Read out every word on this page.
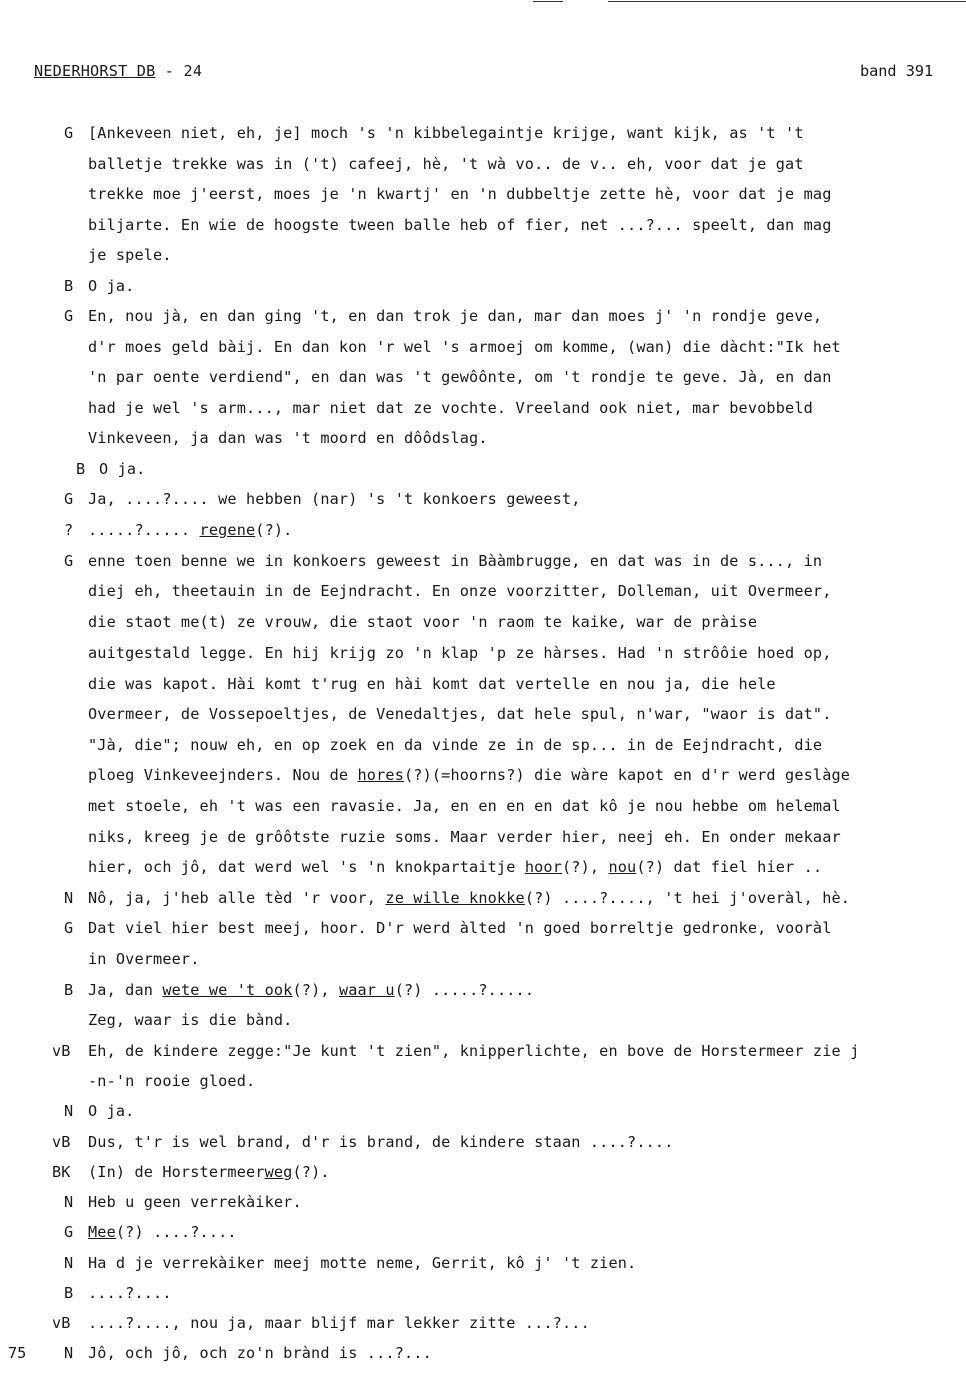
NEDERHORST DB - 24	band 391
G [Ankeveen niet, eh, je] moch 's 'n kibbelegaintje krijge, want kijk, as 't 't
balletje trekke was in ('t) cafeej, hè, 't wà vo.. de v.. eh, voor dat je gat
trekke moe j'eerst, moes je 'n kwartj' en 'n dubbeltje zette hè, voor dat je mag
biljarte. En wie de hoogste tween balle heb of fier, net ...?... speelt, dan mag
je spele.
B O ja.
G En, nou jà, en dan ging 't, en dan trok je dan, mar dan moes j' 'n rondje geve,
d'r moes geld bàij. En dan kon 'r wel 's armoej om komme, (wan) die dàcht:"Ik het
'n par oente verdiend", en dan was 't gewôônte, om 't rondje te geve. Jà, en dan
had je wel 's arm..., mar niet dat ze vochte. Vreeland ook niet, mar bevobbeld
Vinkeveen, ja dan was 't moord en dôôdslag.
B O ja.
G Ja, ....?.... we hebben (nar) 's 't konkoers geweest,
? .....?..... regene(?).
G enne toen benne we in konkoers geweest in Bààmbrugge, en dat was in de s..., in
diej eh, theetauin in de Eejndracht. En onze voorzitter, Dolleman, uit Overmeer,
die staot me(t) ze vrouw, die staot voor 'n raom te kaike, war de pràise
auitgestald legge. En hij krijg zo 'n klap 'p ze hàrses. Had 'n strôôie hoed op,
die was kapot. Hài komt t'rug en hài komt dat vertelle en nou ja, die hele
Overmeer, de Vossepoeltjes, de Venedaltjes, dat hele spul, n'war, "waor is dat".
"Jà, die"; nouw eh, en op zoek en da vinde ze in de sp... in de Eejndracht, die
ploeg Vinkeveejnders. Nou de hores(?)(=hoorns?) die wàre kapot en d'r werd geslàge
met stoele, eh 't was een ravasie. Ja, en en en en dat kô je nou hebbe om helemal
niks, kreeg je de grôôtste ruzie soms. Maar verder hier, neej eh. En onder mekaar
hier, och jô, dat werd wel 's 'n knokpartaitje hoor(?), nou(?) dat fiel hier ..
N Nô, ja, j'heb alle tèd 'r voor, ze wille knokke(?) ....?...., 't hei j'overàl, hè.
G Dat viel hier best meej, hoor. D'r werd àlted 'n goed borreltje gedronke, vooràl
in Overmeer.
B Ja, dan wete we 't ook(?), waar u(?) .....?.....
Zeg, waar is die bànd.
vB Eh, de kindere zegge:"Je kunt 't zien", knipperlichte, en bove de Horstermeer zie j
-n-'n rooie gloed.
N O ja.
vB Dus, t'r is wel brand, d'r is brand, de kindere staan ....?....
BK (In) de Horstermeerweg(?).
N Heb u geen verrekàiker.
G Mee(?) ....?....
N Ha d je verrekàiker meej motte neme, Gerrit, kô j' 't zien.
B ....?....
vB ....?...., nou ja, maar blijf mar lekker zitte ...?...
N Jô, och jô, och zo'n brànd is ...?...
75
